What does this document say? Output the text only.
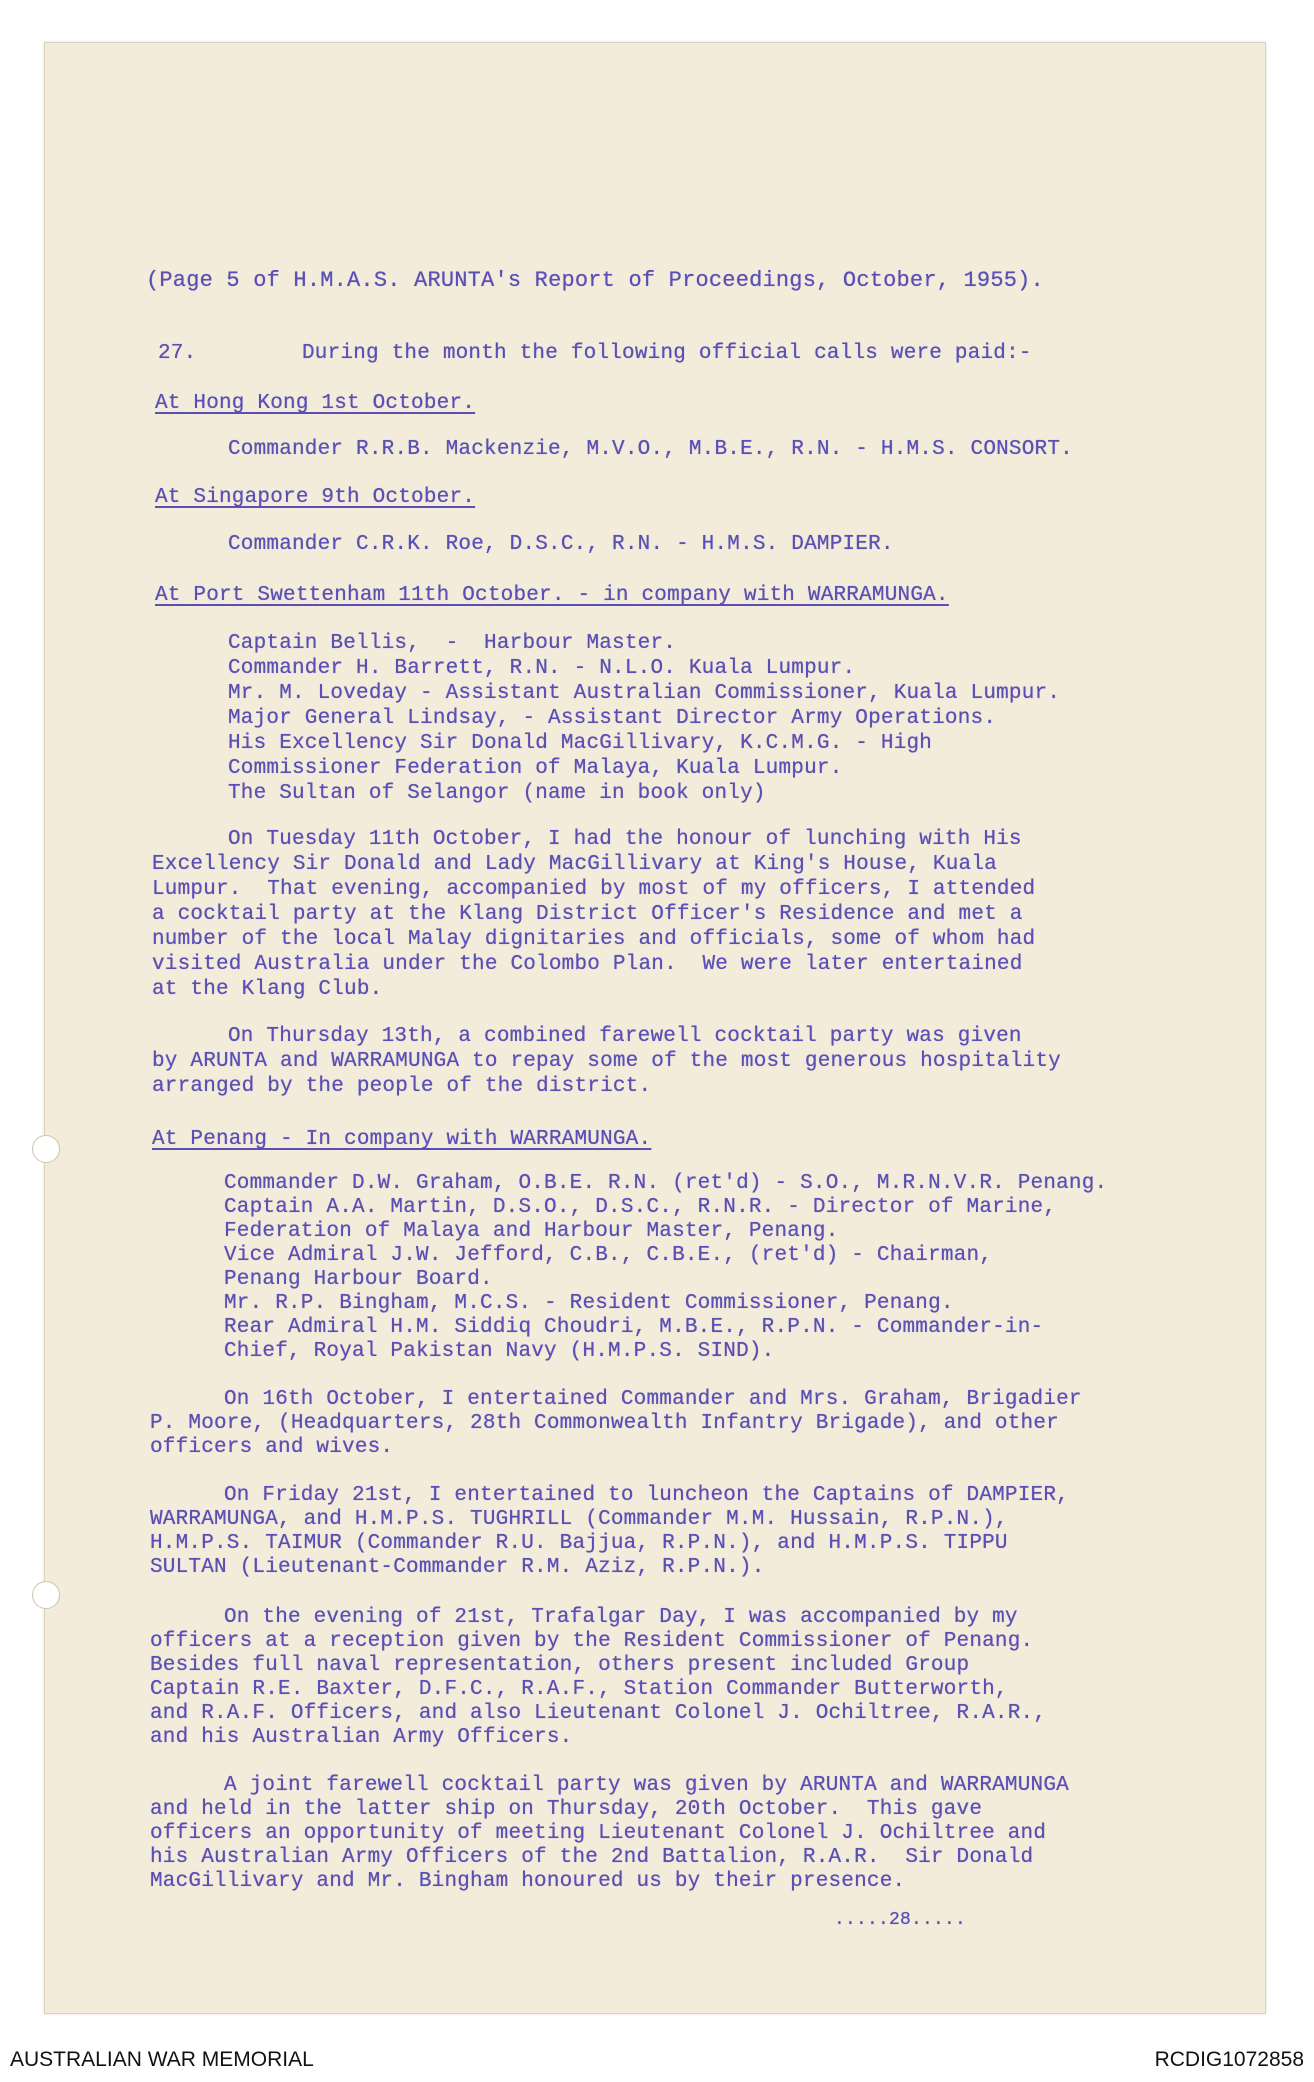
(Page 5 of H.M.A.S. ARUNTA's Report of Proceedings, October, 1955).
27.	During the month the following official calls were paid:-
At Hong Kong 1st October.
Commander R.R.B. Mackenzie, M.V.O., M.B.E., R.N. - H.M.S. CONSORT.
At Singapore 9th October.
Commander C.R.K. Roe, D.S.C., R.N. - H.M.S. DAMPIER.
At Port Swettenham 11th October. - in company with WARRAMUNGA.
Captain Bellis,  -  Harbour Master.
Commander H. Barrett, R.N. - N.L.O. Kuala Lumpur.
Mr. M. Loveday - Assistant Australian Commissioner, Kuala Lumpur.
Major General Lindsay, - Assistant Director Army Operations.
His Excellency Sir Donald MacGillivary, K.C.M.G. - High
Commissioner Federation of Malaya, Kuala Lumpur.
The Sultan of Selangor (name in book only)
On Tuesday 11th October, I had the honour of lunching with His
Excellency Sir Donald and Lady MacGillivary at King's House, Kuala
Lumpur.  That evening, accompanied by most of my officers, I attended
a cocktail party at the Klang District Officer's Residence and met a
number of the local Malay dignitaries and officials, some of whom had
visited Australia under the Colombo Plan.  We were later entertained
at the Klang Club.
On Thursday 13th, a combined farewell cocktail party was given
by ARUNTA and WARRAMUNGA to repay some of the most generous hospitality
arranged by the people of the district.
At Penang - In company with WARRAMUNGA.
Commander D.W. Graham, O.B.E. R.N. (ret'd) - S.O., M.R.N.V.R. Penang.
Captain A.A. Martin, D.S.O., D.S.C., R.N.R. - Director of Marine,
Federation of Malaya and Harbour Master, Penang.
Vice Admiral J.W. Jefford, C.B., C.B.E., (ret'd) - Chairman,
Penang Harbour Board.
Mr. R.P. Bingham, M.C.S. - Resident Commissioner, Penang.
Rear Admiral H.M. Siddiq Choudri, M.B.E., R.P.N. - Commander-in-
Chief, Royal Pakistan Navy (H.M.P.S. SIND).
On 16th October, I entertained Commander and Mrs. Graham, Brigadier
P. Moore, (Headquarters, 28th Commonwealth Infantry Brigade), and other
officers and wives.
On Friday 21st, I entertained to luncheon the Captains of DAMPIER,
WARRAMUNGA, and H.M.P.S. TUGHRILL (Commander M.M. Hussain, R.P.N.),
H.M.P.S. TAIMUR (Commander R.U. Bajjua, R.P.N.), and H.M.P.S. TIPPU
SULTAN (Lieutenant-Commander R.M. Aziz, R.P.N.).
On the evening of 21st, Trafalgar Day, I was accompanied by my
officers at a reception given by the Resident Commissioner of Penang.
Besides full naval representation, others present included Group
Captain R.E. Baxter, D.F.C., R.A.F., Station Commander Butterworth,
and R.A.F. Officers, and also Lieutenant Colonel J. Ochiltree, R.A.R.,
and his Australian Army Officers.
A joint farewell cocktail party was given by ARUNTA and WARRAMUNGA
and held in the latter ship on Thursday, 20th October.  This gave
officers an opportunity of meeting Lieutenant Colonel J. Ochiltree and
his Australian Army Officers of the 2nd Battalion, R.A.R.  Sir Donald
MacGillivary and Mr. Bingham honoured us by their presence.
.....28.....
AUSTRALIAN WAR MEMORIAL	RCDIG1072858
